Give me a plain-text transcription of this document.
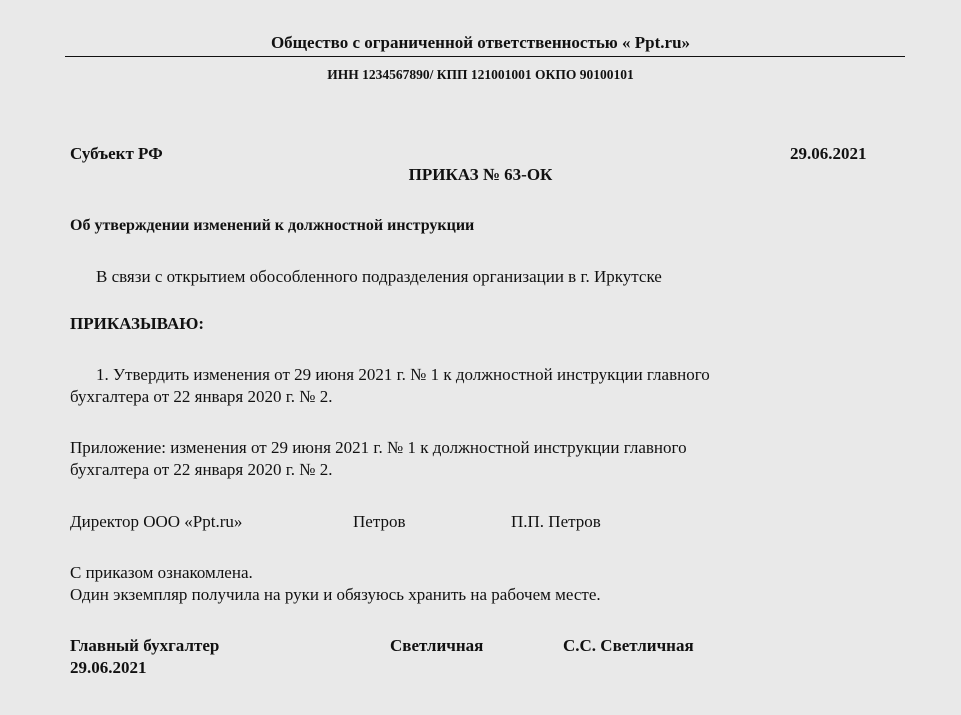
Общество с ограниченной ответственностью « Ppt.ru»
ИНН 1234567890/ КПП 121001001 ОКПО 90100101
Субъект РФ	29.06.2021
ПРИКАЗ № 63-ОК
Об утверждении изменений к должностной инструкции
В связи с открытием обособленного подразделения организации в г. Иркутске
ПРИКАЗЫВАЮ:
1. Утвердить изменения от 29 июня 2021 г. № 1 к должностной инструкции главного
бухгалтера от 22 января 2020 г. № 2.
Приложение: изменения от 29 июня 2021 г. № 1 к должностной инструкции главного
бухгалтера от 22 января 2020 г. № 2.
Директор ООО «Ppt.ru»	Петров	П.П. Петров
С приказом ознакомлена.
Один экземпляр получила на руки и обязуюсь хранить на рабочем месте.
Главный бухгалтер	Светличная	С.С. Светличная
29.06.2021
